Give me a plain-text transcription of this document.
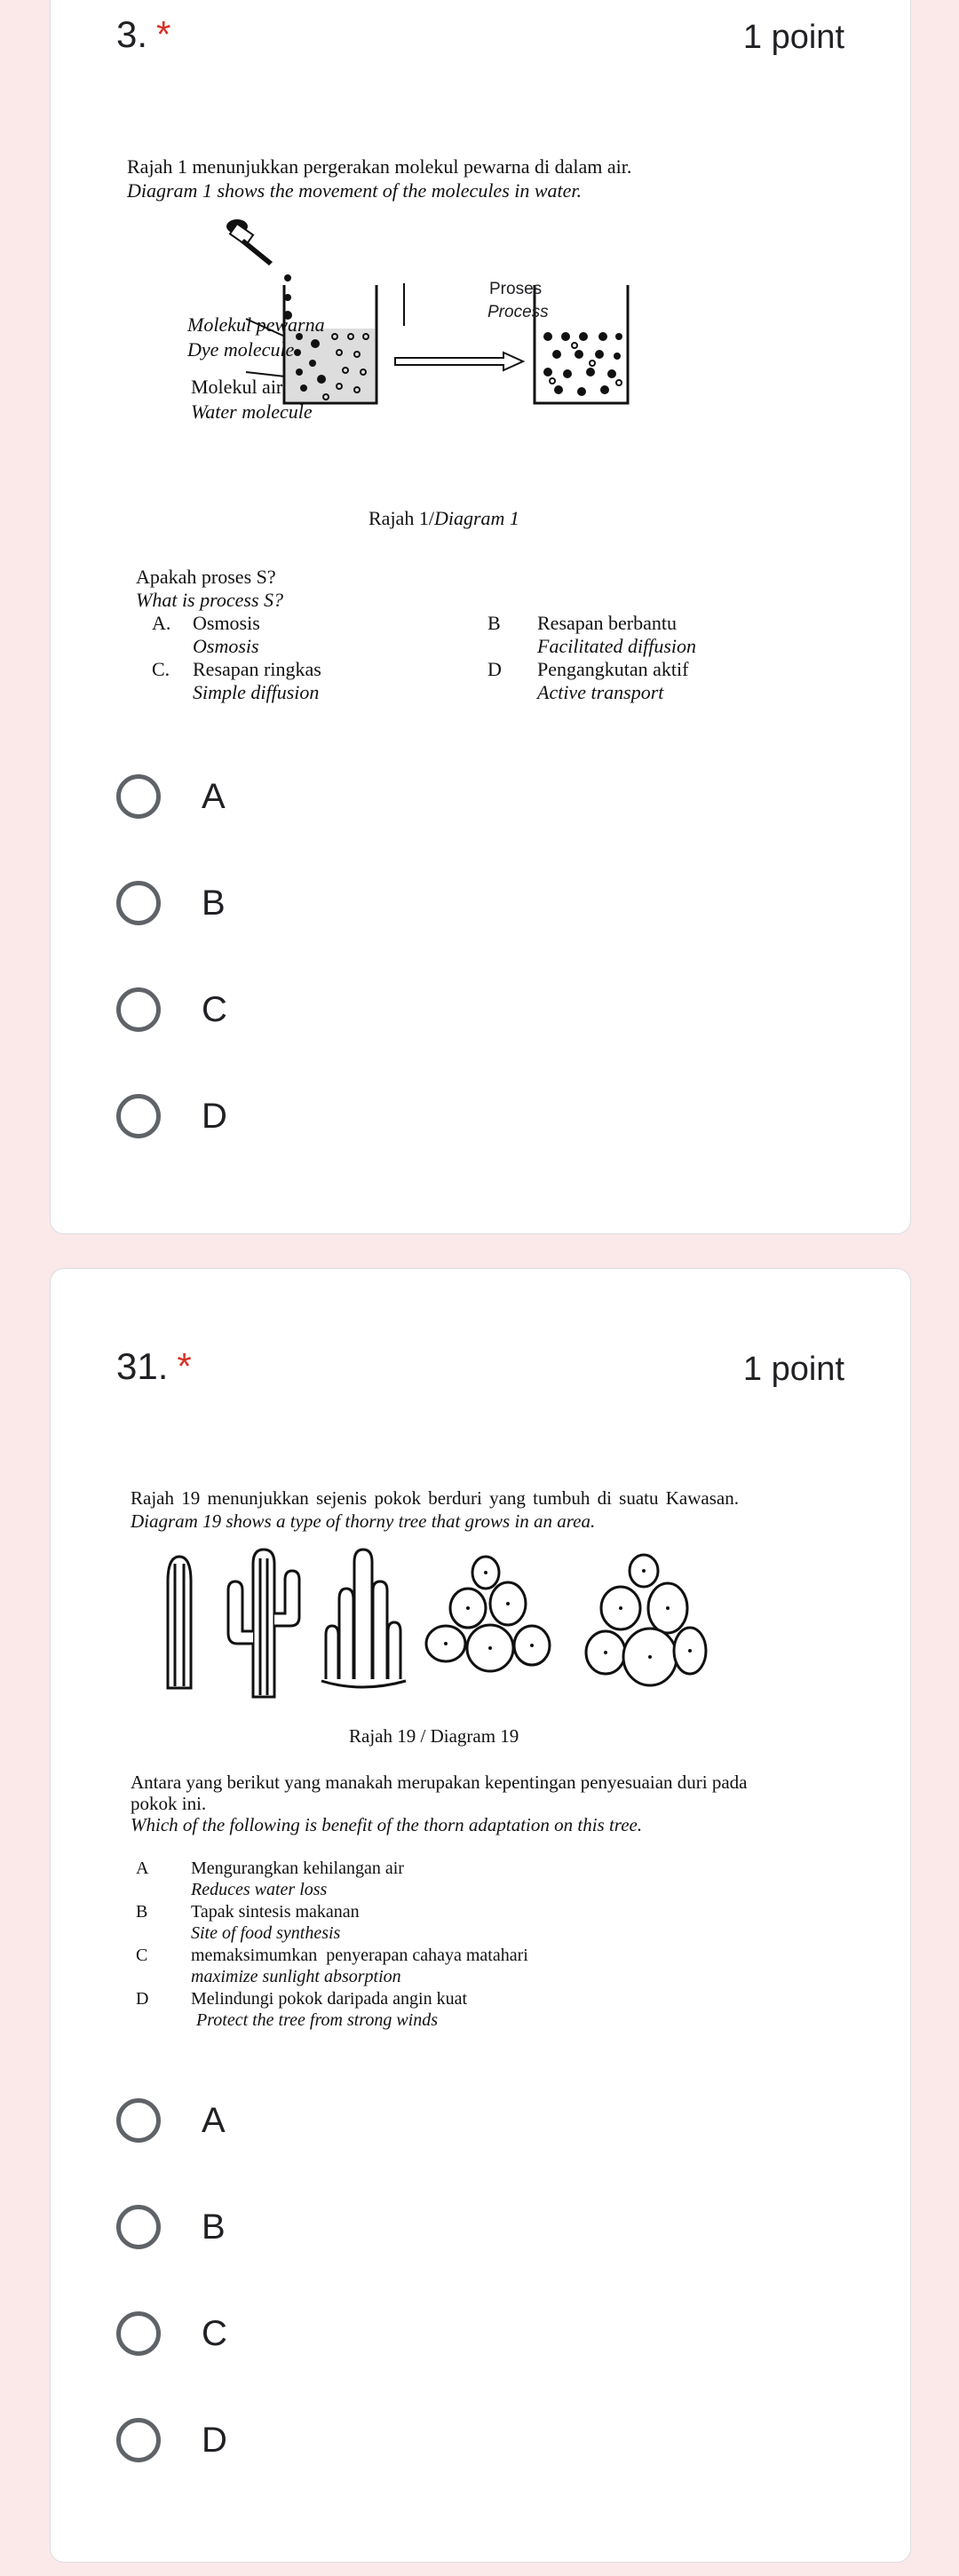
3. *	1 point
Rajah 1 menunjukkan pergerakan molekul pewarna di dalam air.
Diagram 1 shows the movement of the molecules in water.
Molekul pewarna
Dye molecule
Molekul air
Water molecule
Proses
Process
Rajah 1/Diagram 1
Apakah proses S?
What is process S?
A. Osmosis
Osmosis
B Resapan berbantu
Facilitated diffusion
C. Resapan ringkas
Simple diffusion
D Pengangkutan aktif
Active transport
A
B
C
D
31. *	1 point
Rajah 19 menunjukkan sejenis pokok berduri yang tumbuh di suatu Kawasan.
Diagram 19 shows a type of thorny tree that grows in an area.
Rajah 19 / Diagram 19
Antara yang berikut yang manakah merupakan kepentingan penyesuaian duri pada
pokok ini.
Which of the following is benefit of the thorn adaptation on this tree.
A Mengurangkan kehilangan air
Reduces water loss
B Tapak sintesis makanan
Site of food synthesis
C memaksimumkan  penyerapan cahaya matahari
maximize sunlight absorption
D Melindungi pokok daripada angin kuat
Protect the tree from strong winds
A
B
C
D
